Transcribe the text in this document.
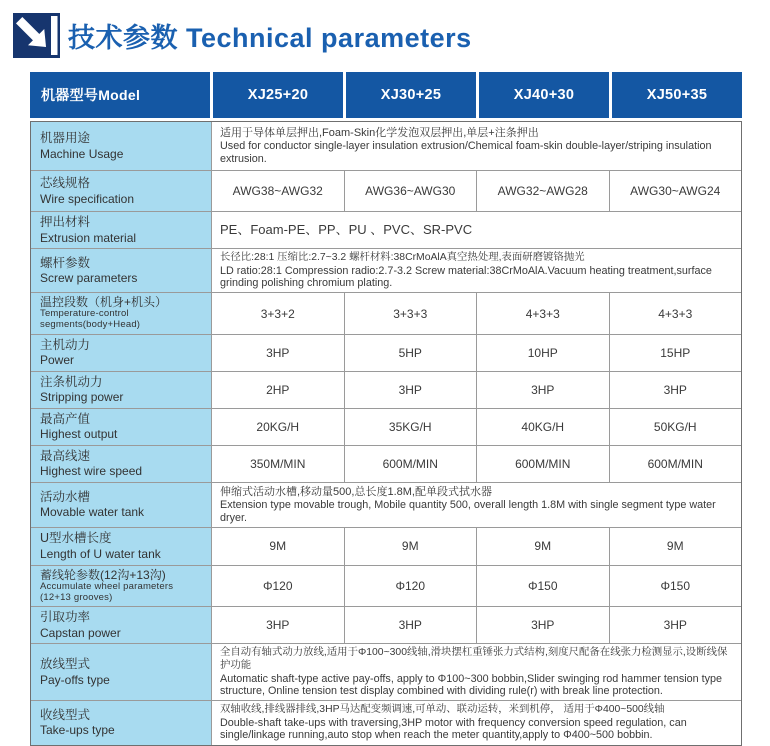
技术参数 Technical parameters
机器型号Model	XJ25+20	XJ30+25	XJ40+30	XJ50+35
机器用途
Machine Usage
适用于导体单层押出,Foam-Skin化学发泡双层押出,单层+注条押出
Used for conductor single-layer insulation extrusion/Chemical foam-skin double-layer/striping insulation extrusion.
芯线规格
Wire specification
AWG38~AWG32	AWG36~AWG30	AWG32~AWG28	AWG30~AWG24
押出材料
Extrusion material
PE、Foam-PE、PP、PU 、PVC、SR-PVC
螺杆参数
Screw parameters
长径比:28:1 压缩比:2.7~3.2 螺杆材料:38CrMoAlA真空热处理,表面研磨镀铬抛光
LD ratio:28:1 Compression radio:2.7-3.2 Screw material:38CrMoAlA.Vacuum heating treatment,surface grinding polishing chromium plating.
温控段数（机身+机头）
Temperature-control segments(body+Head)
3+3+2	3+3+3	4+3+3	4+3+3
主机动力
Power
3HP	5HP	10HP	15HP
注条机动力
Stripping power
2HP	3HP	3HP	3HP
最高产值
Highest output
20KG/H	35KG/H	40KG/H	50KG/H
最高线速
Highest wire speed
350M/MIN	600M/MIN	600M/MIN	600M/MIN
活动水槽
Movable water tank
伸缩式活动水槽,移动量500,总长度1.8M,配单段式拭水器
Extension type movable trough, Mobile quantity 500, overall length 1.8M with single segment type water dryer.
U型水槽长度
Length of U water tank
9M	9M	9M	9M
蓄线轮参数(12沟+13沟)
Accumulate wheel parameters (12+13 grooves)
Φ120	Φ120	Φ150	Φ150
引取功率
Capstan power
3HP	3HP	3HP	3HP
放线型式
Pay-offs type
全自动有轴式动力放线,适用于Φ100~300线轴,滑块摆杠重锤张力式结构,刻度尺配备在线张力检测显示,设断线保护功能
Automatic shaft-type active pay-offs, apply to Φ100~300 bobbin,Slider swinging rod hammer tension type structure, Online tension test display combined with dividing rule(r) with break line protection.
收线型式
Take-ups type
双轴收线,排线器排线,3HP马达配变频调速,可单动、联动运转，米到机停， 适用于Φ400~500线轴
Double-shaft take-ups with traversing,3HP motor with frequency conversion speed regulation, can single/linkage running,auto stop when reach the meter quantity,apply to Φ400~500 bobbin.
